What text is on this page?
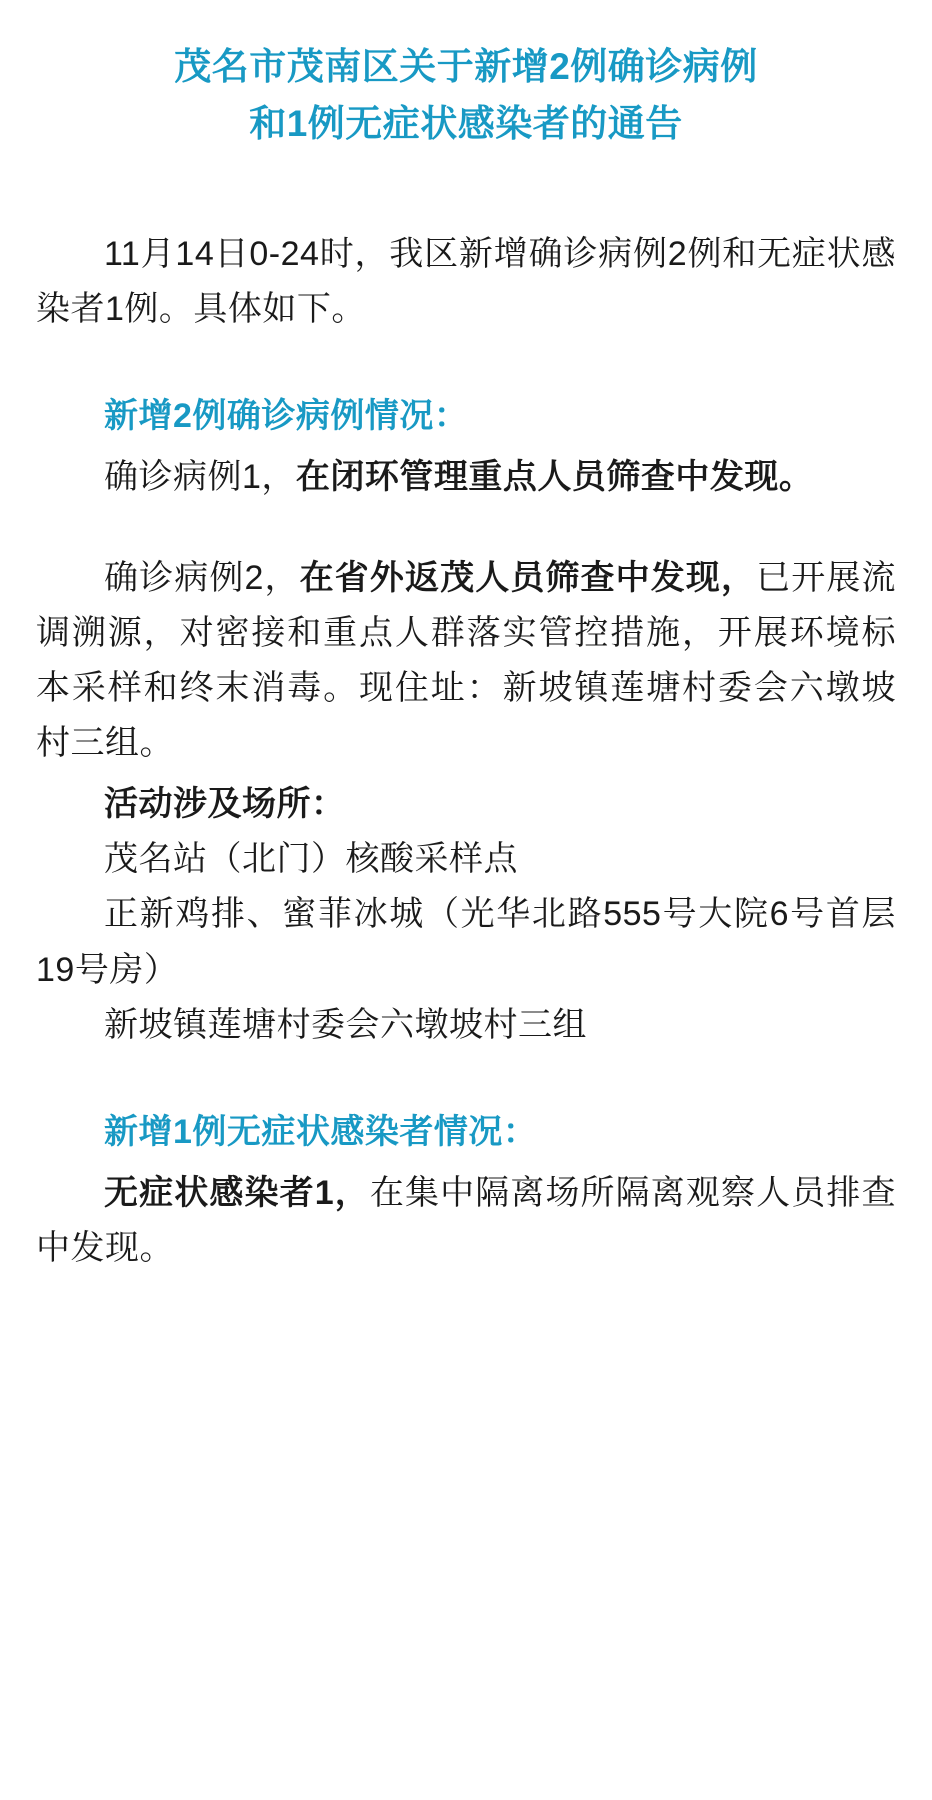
茂名市茂南区关于新增2例确诊病例
和1例无症状感染者的通告

11月14日0-24时，我区新增确诊病例2例和无症状感染者1例。具体如下。

新增2例确诊病例情况：

确诊病例1，在闭环管理重点人员筛查中发现。

确诊病例2，在省外返茂人员筛查中发现，已开展流调溯源，对密接和重点人群落实管控措施，开展环境标本采样和终末消毒。现住址：新坡镇莲塘村委会六墩坡村三组。

活动涉及场所：

茂名站（北门）核酸采样点

正新鸡排、蜜菲冰城（光华北路555号大院6号首层19号房）

新坡镇莲塘村委会六墩坡村三组

新增1例无症状感染者情况：

无症状感染者1，在集中隔离场所隔离观察人员排查中发现。
